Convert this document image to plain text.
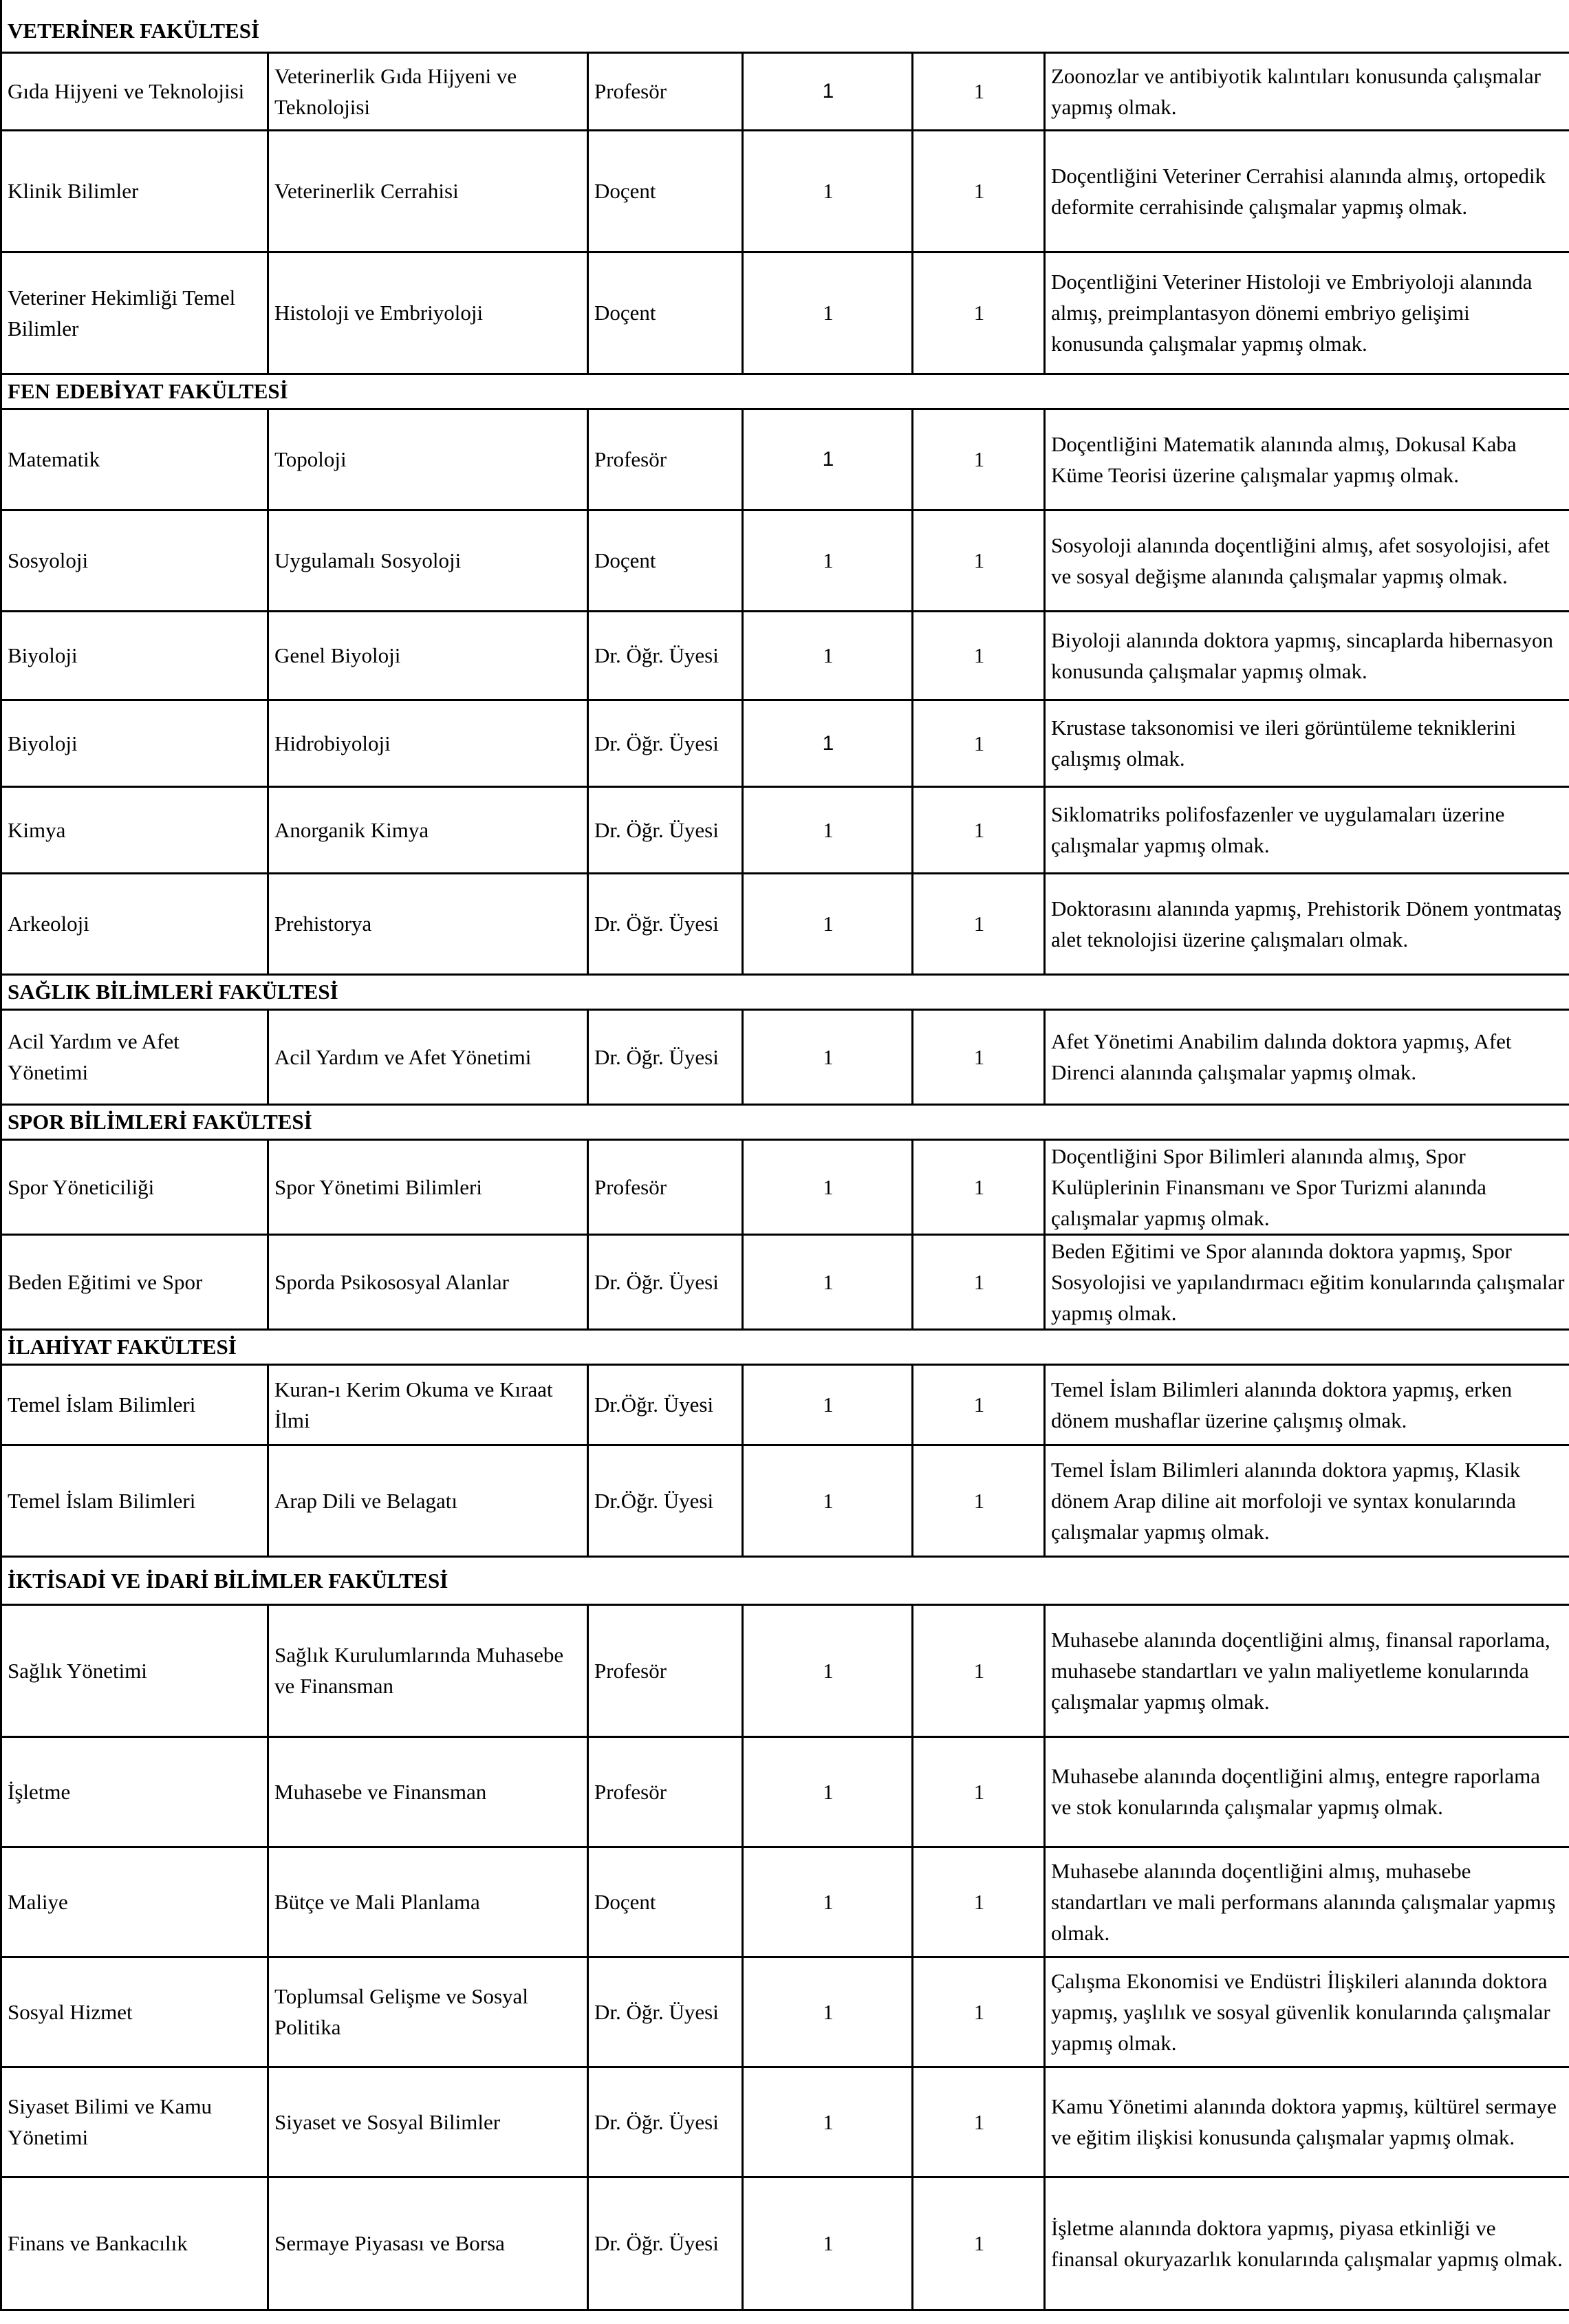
VETERİNER FAKÜLTESİ					
Gıda Hijyeni ve Teknolojisi	Veterinerlik Gıda Hijyeni ve Teknolojisi	Profesör	1	1	Zoonozlar ve antibiyotik kalıntıları konusunda çalışmalar yapmış olmak.
Klinik Bilimler	Veterinerlik Cerrahisi	Doçent	1	1	Doçentliğini Veteriner Cerrahisi alanında almış, ortopedik deformite cerrahisinde çalışmalar yapmış olmak.
Veteriner Hekimliği Temel Bilimler	Histoloji ve Embriyoloji	Doçent	1	1	Doçentliğini Veteriner Histoloji ve Embriyoloji alanında almış, preimplantasyon dönemi embriyo gelişimi konusunda çalışmalar yapmış olmak.
FEN EDEBİYAT FAKÜLTESİ					
Matematik	Topoloji	Profesör	1	1	Doçentliğini Matematik alanında almış, Dokusal Kaba Küme Teorisi üzerine çalışmalar yapmış olmak.
Sosyoloji	Uygulamalı Sosyoloji	Doçent	1	1	Sosyoloji alanında doçentliğini almış, afet sosyolojisi, afet ve sosyal değişme alanında çalışmalar yapmış olmak.
Biyoloji	Genel Biyoloji	Dr. Öğr. Üyesi	1	1	Biyoloji alanında doktora yapmış, sincaplarda hibernasyon konusunda çalışmalar yapmış olmak.
Biyoloji	Hidrobiyoloji	Dr. Öğr. Üyesi	1	1	Krustase taksonomisi ve ileri görüntüleme tekniklerini çalışmış olmak.
Kimya	Anorganik Kimya	Dr. Öğr. Üyesi	1	1	Siklomatriks polifosfazenler ve uygulamaları üzerine çalışmalar yapmış olmak.
Arkeoloji	Prehistorya	Dr. Öğr. Üyesi	1	1	Doktorasını alanında yapmış, Prehistorik Dönem yontmataş alet teknolojisi üzerine çalışmaları olmak.
SAĞLIK BİLİMLERİ FAKÜLTESİ					
Acil Yardım ve Afet Yönetimi	Acil Yardım ve Afet Yönetimi	Dr. Öğr. Üyesi	1	1	Afet Yönetimi Anabilim dalında doktora yapmış, Afet Direnci alanında çalışmalar yapmış olmak.
SPOR BİLİMLERİ FAKÜLTESİ					
Spor Yöneticiliği	Spor Yönetimi Bilimleri	Profesör	1	1	Doçentliğini Spor Bilimleri alanında almış, Spor Kulüplerinin Finansmanı ve Spor Turizmi alanında çalışmalar yapmış olmak.
Beden Eğitimi ve Spor	Sporda Psikososyal Alanlar	Dr. Öğr. Üyesi	1	1	Beden Eğitimi ve Spor alanında doktora yapmış, Spor Sosyolojisi ve yapılandırmacı eğitim konularında çalışmalar yapmış olmak.
İLAHİYAT FAKÜLTESİ					
Temel İslam Bilimleri	Kuran-ı Kerim Okuma ve Kıraat İlmi	Dr.Öğr. Üyesi	1	1	Temel İslam Bilimleri alanında doktora yapmış, erken dönem mushaflar üzerine çalışmış olmak.
Temel İslam Bilimleri	Arap Dili ve Belagatı	Dr.Öğr. Üyesi	1	1	Temel İslam Bilimleri alanında doktora yapmış, Klasik dönem Arap diline ait morfoloji ve syntax konularında çalışmalar yapmış olmak.
İKTİSADİ VE İDARİ BİLİMLER FAKÜLTESİ					
Sağlık Yönetimi	Sağlık Kurulumlarında Muhasebe ve Finansman	Profesör	1	1	Muhasebe alanında doçentliğini almış, finansal raporlama, muhasebe standartları ve yalın maliyetleme konularında çalışmalar yapmış olmak.
İşletme	Muhasebe ve Finansman	Profesör	1	1	Muhasebe alanında doçentliğini almış, entegre raporlama ve stok konularında çalışmalar yapmış olmak.
Maliye	Bütçe ve Mali Planlama	Doçent	1	1	Muhasebe alanında doçentliğini almış, muhasebe standartları ve mali performans alanında çalışmalar yapmış olmak.
Sosyal Hizmet	Toplumsal Gelişme ve Sosyal Politika	Dr. Öğr. Üyesi	1	1	Çalışma Ekonomisi ve Endüstri İlişkileri alanında doktora yapmış, yaşlılık ve sosyal güvenlik konularında çalışmalar yapmış olmak.
Siyaset Bilimi ve Kamu Yönetimi	Siyaset ve Sosyal Bilimler	Dr. Öğr. Üyesi	1	1	Kamu Yönetimi alanında doktora yapmış, kültürel sermaye ve eğitim ilişkisi konusunda çalışmalar yapmış olmak.
Finans ve Bankacılık	Sermaye Piyasası ve Borsa	Dr. Öğr. Üyesi	1	1	İşletme alanında doktora yapmış, piyasa etkinliği ve finansal okuryazarlık konularında çalışmalar yapmış olmak.
